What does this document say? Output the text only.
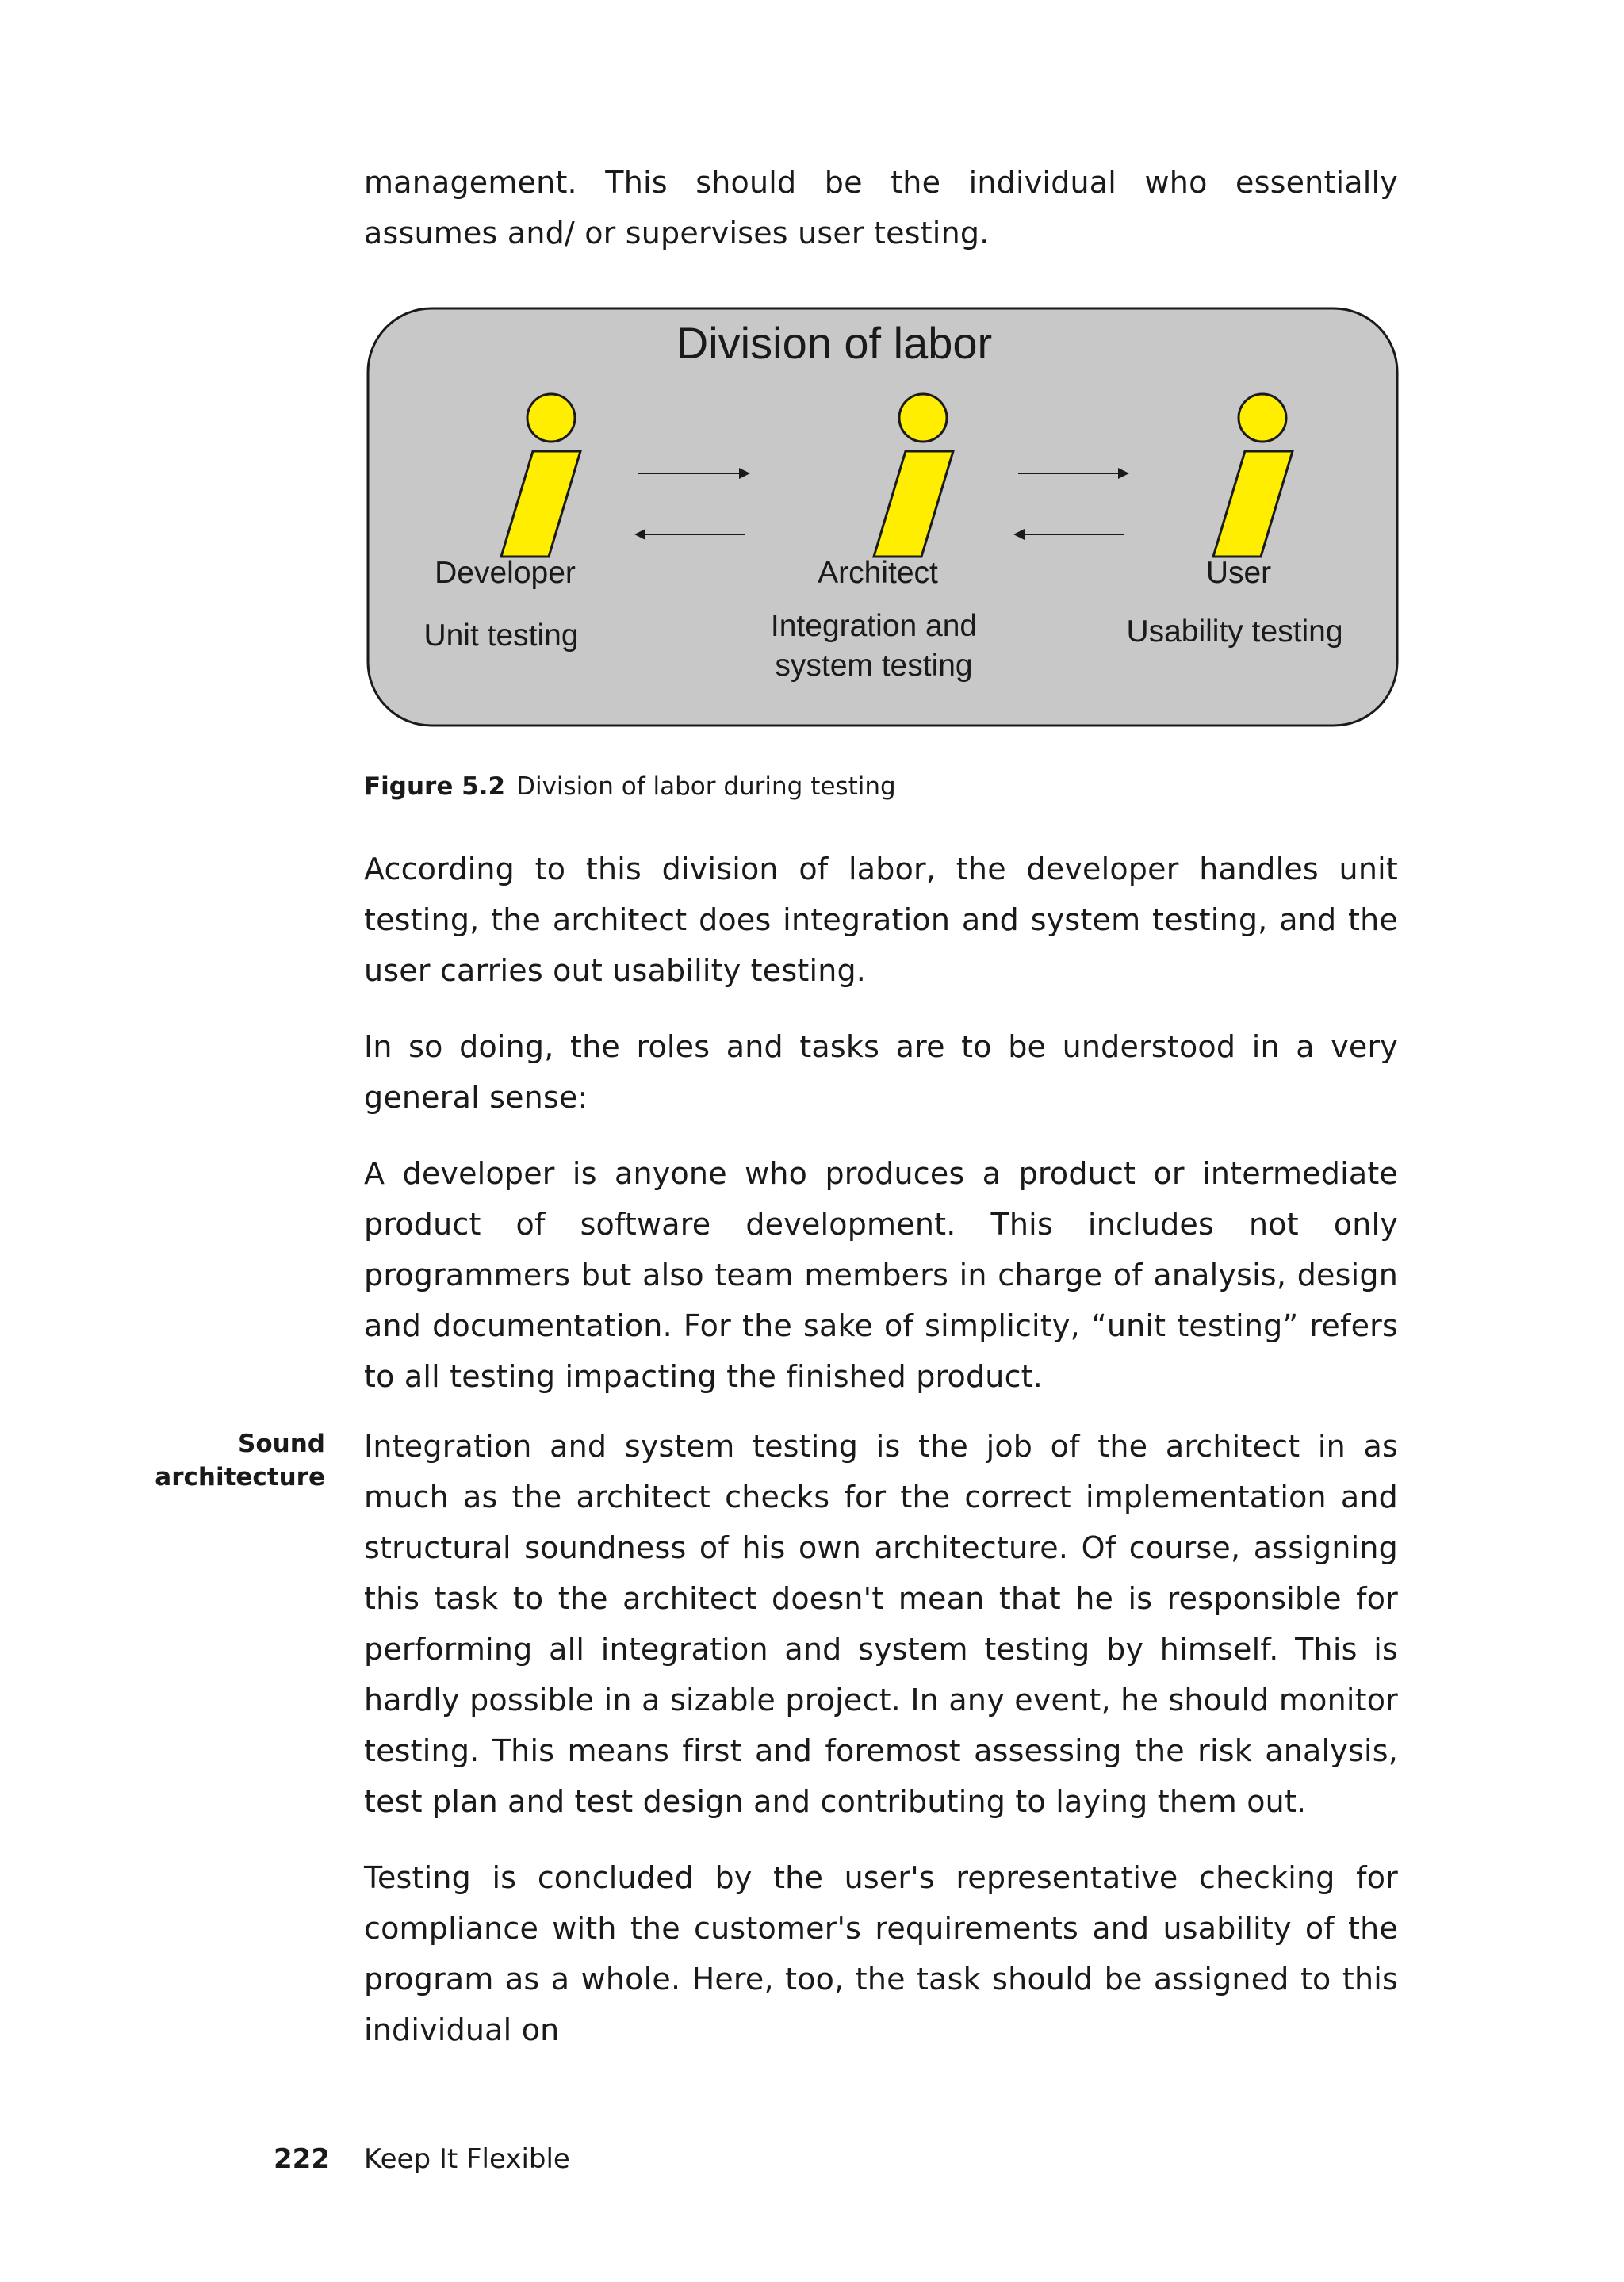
management. This should be the individual who essentially assumes and/ or supervises user testing.

Division of labor
Developer	Architect	User
Unit testing	Integration and
system testing
Usability testing
Figure 5.2 Division of labor during testing

According to this division of labor, the developer handles unit testing, the architect does integration and system testing, and the user carries out usability testing.

In so doing, the roles and tasks are to be understood in a very general sense:

A developer is anyone who produces a product or intermediate product of software development. This includes not only programmers but also team members in charge of analysis, design and documentation. For the sake of simplicity, “unit testing” refers to all testing impacting the finished product.

Sound
architecture

Integration and system testing is the job of the architect in as much as the architect checks for the correct implementation and structural soundness of his own architecture. Of course, assigning this task to the architect doesn't mean that he is responsible for performing all integration and system testing by himself. This is hardly possible in a sizable project. In any event, he should monitor testing. This means first and foremost assessing the risk analysis, test plan and test design and contributing to laying them out.

Testing is concluded by the user's representative checking for compliance with the customer's requirements and usability of the program as a whole. Here, too, the task should be assigned to this individual on

222 Keep It Flexible
